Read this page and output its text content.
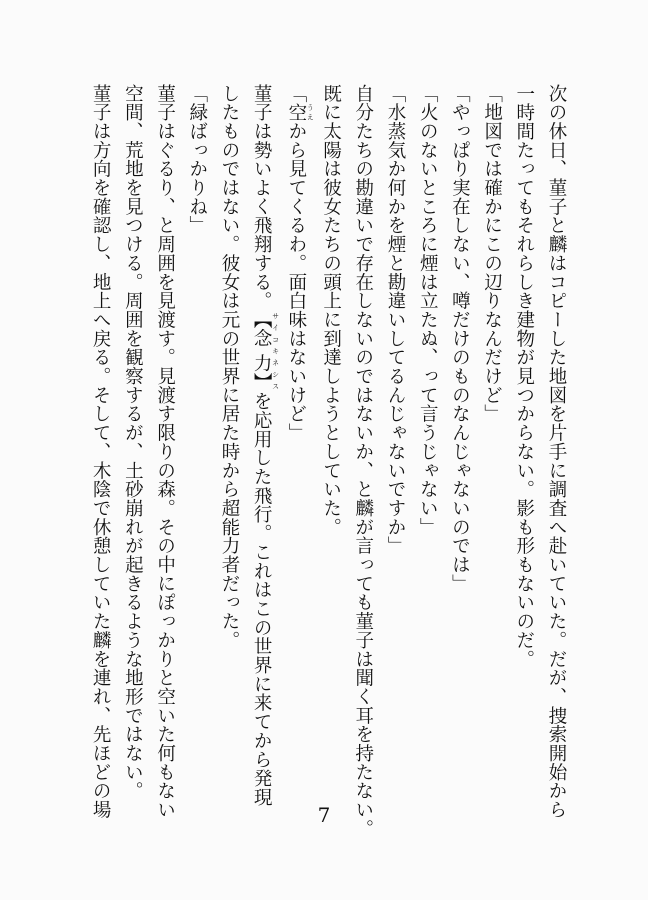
次の休日、菫子と麟はコピーした地図を片手に調査へ赴いていた。だが、捜索開始から
一時間たってもそれらしき建物が見つからない。影も形もないのだ。
「地図では確かにこの辺りなんだけど」
「やっぱり実在しない、噂だけのものなんじゃないのでは」
「火のないところに煙は立たぬ、って言うじゃない」
「水蒸気か何かを煙と勘違いしてるんじゃないですか」
自分たちの勘違いで存在しないのではないか、と麟が言っても菫子は聞く耳を持たない。
既に太陽は彼女たちの頭上に到達しようとしていた。
「空 うえから見てくるわ。面白味はないけど」
菫子は勢いよく飛翔する。【念 力】 サイコキネシスを応用した飛行。これはこの世界に来てから発現
したものではない。彼女は元の世界に居た時から超能力者だった。
「緑ばっかりね」
菫子はぐるり、と周囲を見渡す。見渡す限りの森。その中にぽっかりと空いた何もない
空間、荒地を見つける。周囲を観察するが、土砂崩れが起きるような地形ではない。
菫子は方向を確認し、地上へ戻る。そして、木陰で休憩していた麟を連れ、先ほどの場	7
